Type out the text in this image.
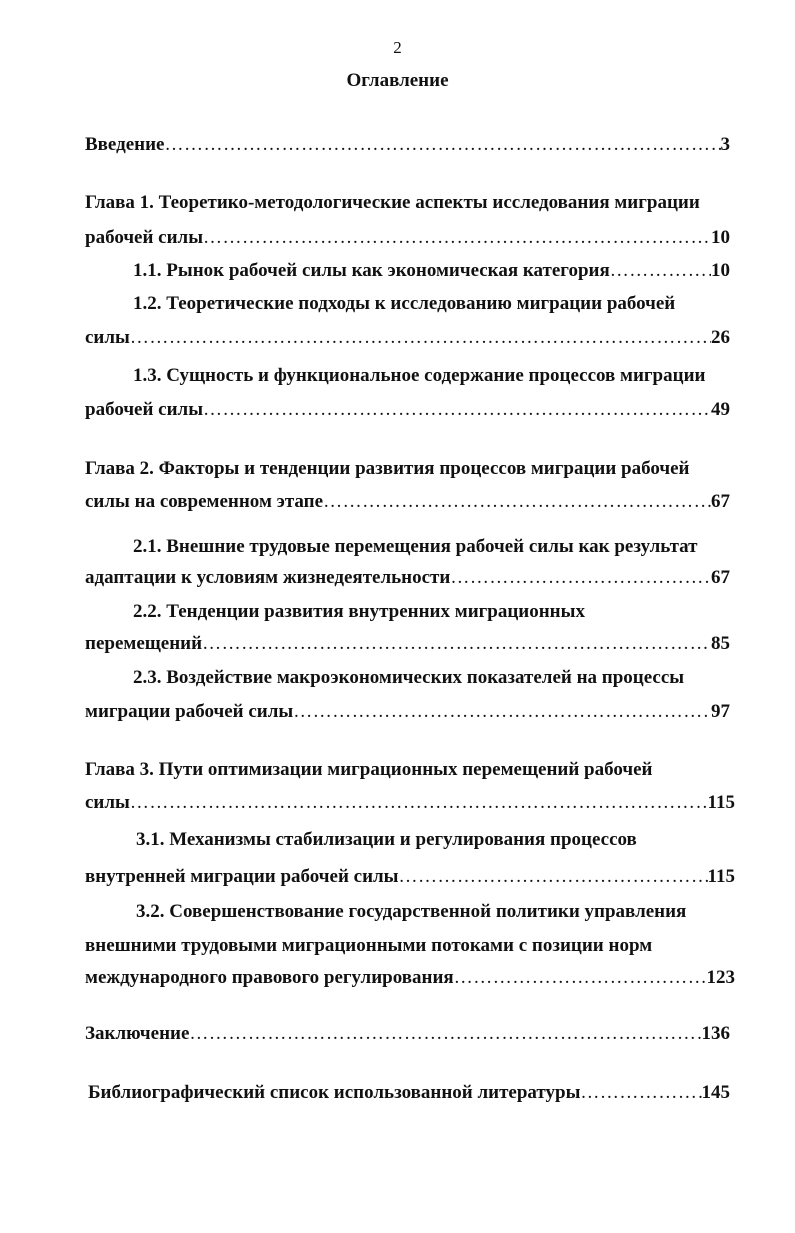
2
Оглавление
Введение ………………………………………………………………………………………………………………………………………………………………………………………………	3
Глава 1. Теоретико-методологические аспекты исследования миграции
рабочей силы ………………………………………………………………………………………………………………………………………………………………………………………………	10
1.1. Рынок рабочей силы как экономическая категория ………………………………………………………………………………………………………………………………………………………………………………………………	10
1.2. Теоретические подходы к исследованию миграции рабочей
силы ………………………………………………………………………………………………………………………………………………………………………………………………	26
1.3. Сущность и функциональное содержание процессов миграции
рабочей силы ………………………………………………………………………………………………………………………………………………………………………………………………	49
Глава 2. Факторы и тенденции развития процессов миграции рабочей
силы на современном этапе ………………………………………………………………………………………………………………………………………………………………………………………………	67
2.1. Внешние трудовые перемещения рабочей силы как результат
адаптации к условиям жизнедеятельности ………………………………………………………………………………………………………………………………………………………………………………………………	67
2.2. Тенденции развития внутренних миграционных
перемещений ………………………………………………………………………………………………………………………………………………………………………………………………	85
2.3. Воздействие макроэкономических показателей на процессы
миграции рабочей силы ………………………………………………………………………………………………………………………………………………………………………………………………	97
Глава 3. Пути оптимизации миграционных перемещений рабочей
силы ………………………………………………………………………………………………………………………………………………………………………………………………	115
3.1. Механизмы стабилизации и регулирования процессов
внутренней миграции рабочей силы ………………………………………………………………………………………………………………………………………………………………………………………………	115
3.2. Совершенствование государственной политики управления
внешними трудовыми миграционными потоками с позиции норм
международного правового регулирования ………………………………………………………………………………………………………………………………………………………………………………………………	123
Заключение ………………………………………………………………………………………………………………………………………………………………………………………………	136
Библиографический список использованной литературы ………………………………………………………………………………………………………………………………………………………………………………………………	145
